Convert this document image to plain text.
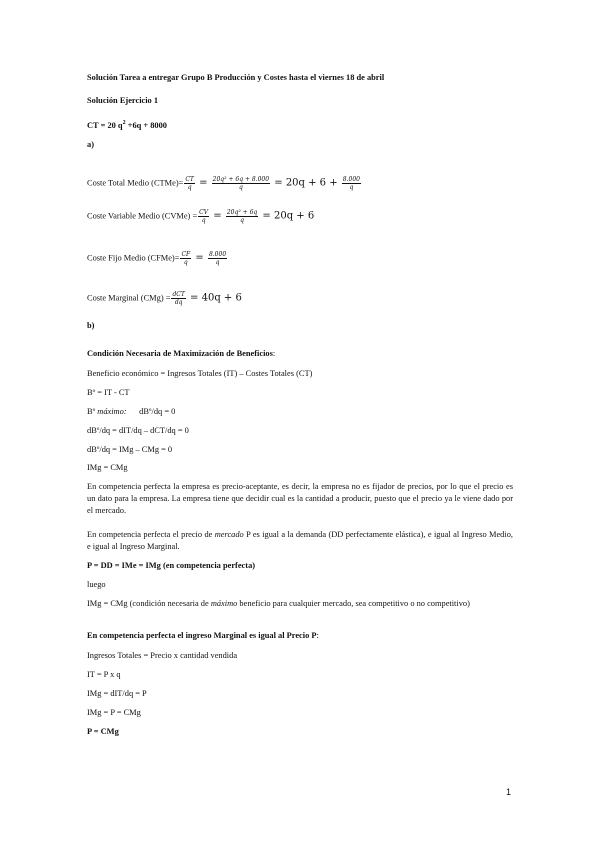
Solución Tarea a entregar Grupo B Producción y Costes hasta el viernes 18 de abril
Solución Ejercicio 1
CT = 20 $q^2 +6q + 8000$
a)
Coste Total Medio (CTMe)= $\frac{CT}{q} = \frac{\text{20q² + 6q + 8.000}}{q} = 20q + 6 + \frac{8.000}{q}$
Coste Variable Medio (CVMe) = $\frac{CV}{q} = \frac{\text{20q² + 6q}}{q} = 20q + 6$
Coste Fijo Medio (CFMe)= $\frac{CF}{q} = \frac{8.000}{q}$
Coste Marginal $(CMg) = \frac{\text{dCT}}{dq} = 40q + 6$
b)
Condición Necesaria de Maximización de Beneficios:
Beneficio económico = Ingresos Totales (IT) – Costes Totales (CT)
Bº = IT - CT
Bº máximo:      dBº/dq = 0
dBº/dq = dIT/dq – dCT/dq = 0
dBº/dq = IMg – CMg = 0
IMg = CMg
En competencia perfecta la empresa es precio-aceptante, es decir, la empresa no es fijador de precios, por lo que el precio es un dato para la empresa. La empresa tiene que decidir cual es la cantidad a producir, puesto que el precio ya le viene dado por el mercado.
En competencia perfecta el precio de mercado P es igual a la demanda (DD perfectamente elástica), e igual al Ingreso Medio, e igual al Ingreso Marginal.
P = DD = IMe = IMg (en competencia perfecta)
luego
IMg = CMg (condición necesaria de máximo beneficio para cualquier mercado, sea competitivo o no competitivo)
En competencia perfecta el ingreso Marginal es igual al Precio P:
Ingresos Totales = Precio x cantidad vendida
IT = P x q
IMg = dIT/dq = P
IMg = P = CMg
P = CMg
1
